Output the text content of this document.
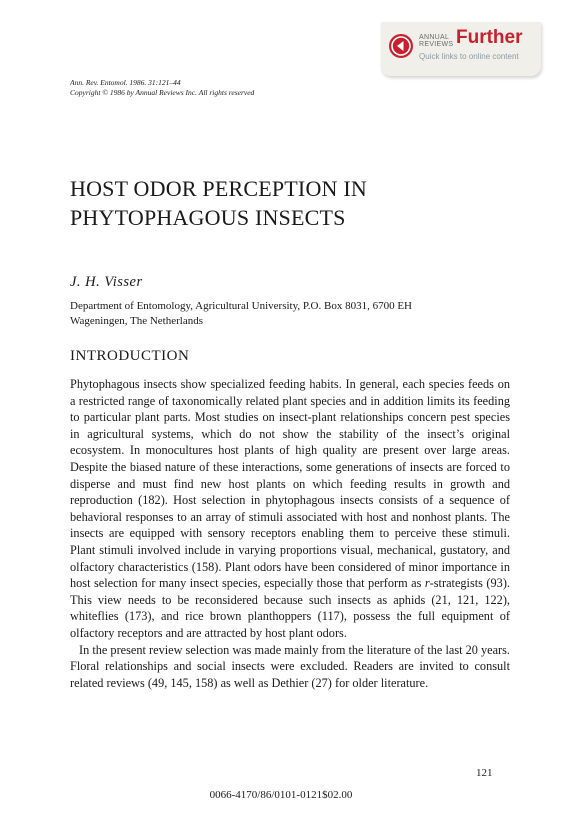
ANNUAL
REVIEWS Further
Quick links to online content
Ann. Rev. Entomol. 1986. 31:121–44
Copyright © 1986 by Annual Reviews Inc. All rights reserved
HOST ODOR PERCEPTION IN
PHYTOPHAGOUS INSECTS
J. H. Visser
Department of Entomology, Agricultural University, P.O. Box 8031, 6700 EH
Wageningen, The Netherlands
INTRODUCTION

Phytophagous insects show specialized feeding habits. In general, each species feeds on a restricted range of taxonomically related plant species and in addition limits its feeding to particular plant parts. Most studies on insect-plant relationships concern pest species in agricultural systems, which do not show the stability of the insect’s original ecosystem. In monocultures host plants of high quality are present over large areas. Despite the biased nature of these interactions, some generations of insects are forced to disperse and must find new host plants on which feeding results in growth and reproduction (182). Host selection in phytophagous insects consists of a sequence of behavioral responses to an array of stimuli associated with host and nonhost plants. The insects are equipped with sensory receptors enabling them to perceive these stimuli. Plant stimuli involved include in varying proportions visual, mechanical, gustatory, and olfactory characteristics (158). Plant odors have been considered of minor importance in host selection for many insect species, especially those that perform as r-strategists (93). This view needs to be reconsidered because such insects as aphids (21, 121, 122), whiteflies (173), and rice brown planthoppers (117), possess the full equipment of olfactory receptors and are attracted by host plant odors.

In the present review selection was made mainly from the literature of the last 20 years. Floral relationships and social insects were excluded. Readers are invited to consult related reviews (49, 145, 158) as well as Dethier (27) for older literature.

121
0066-4170/86/0101-0121$02.00
